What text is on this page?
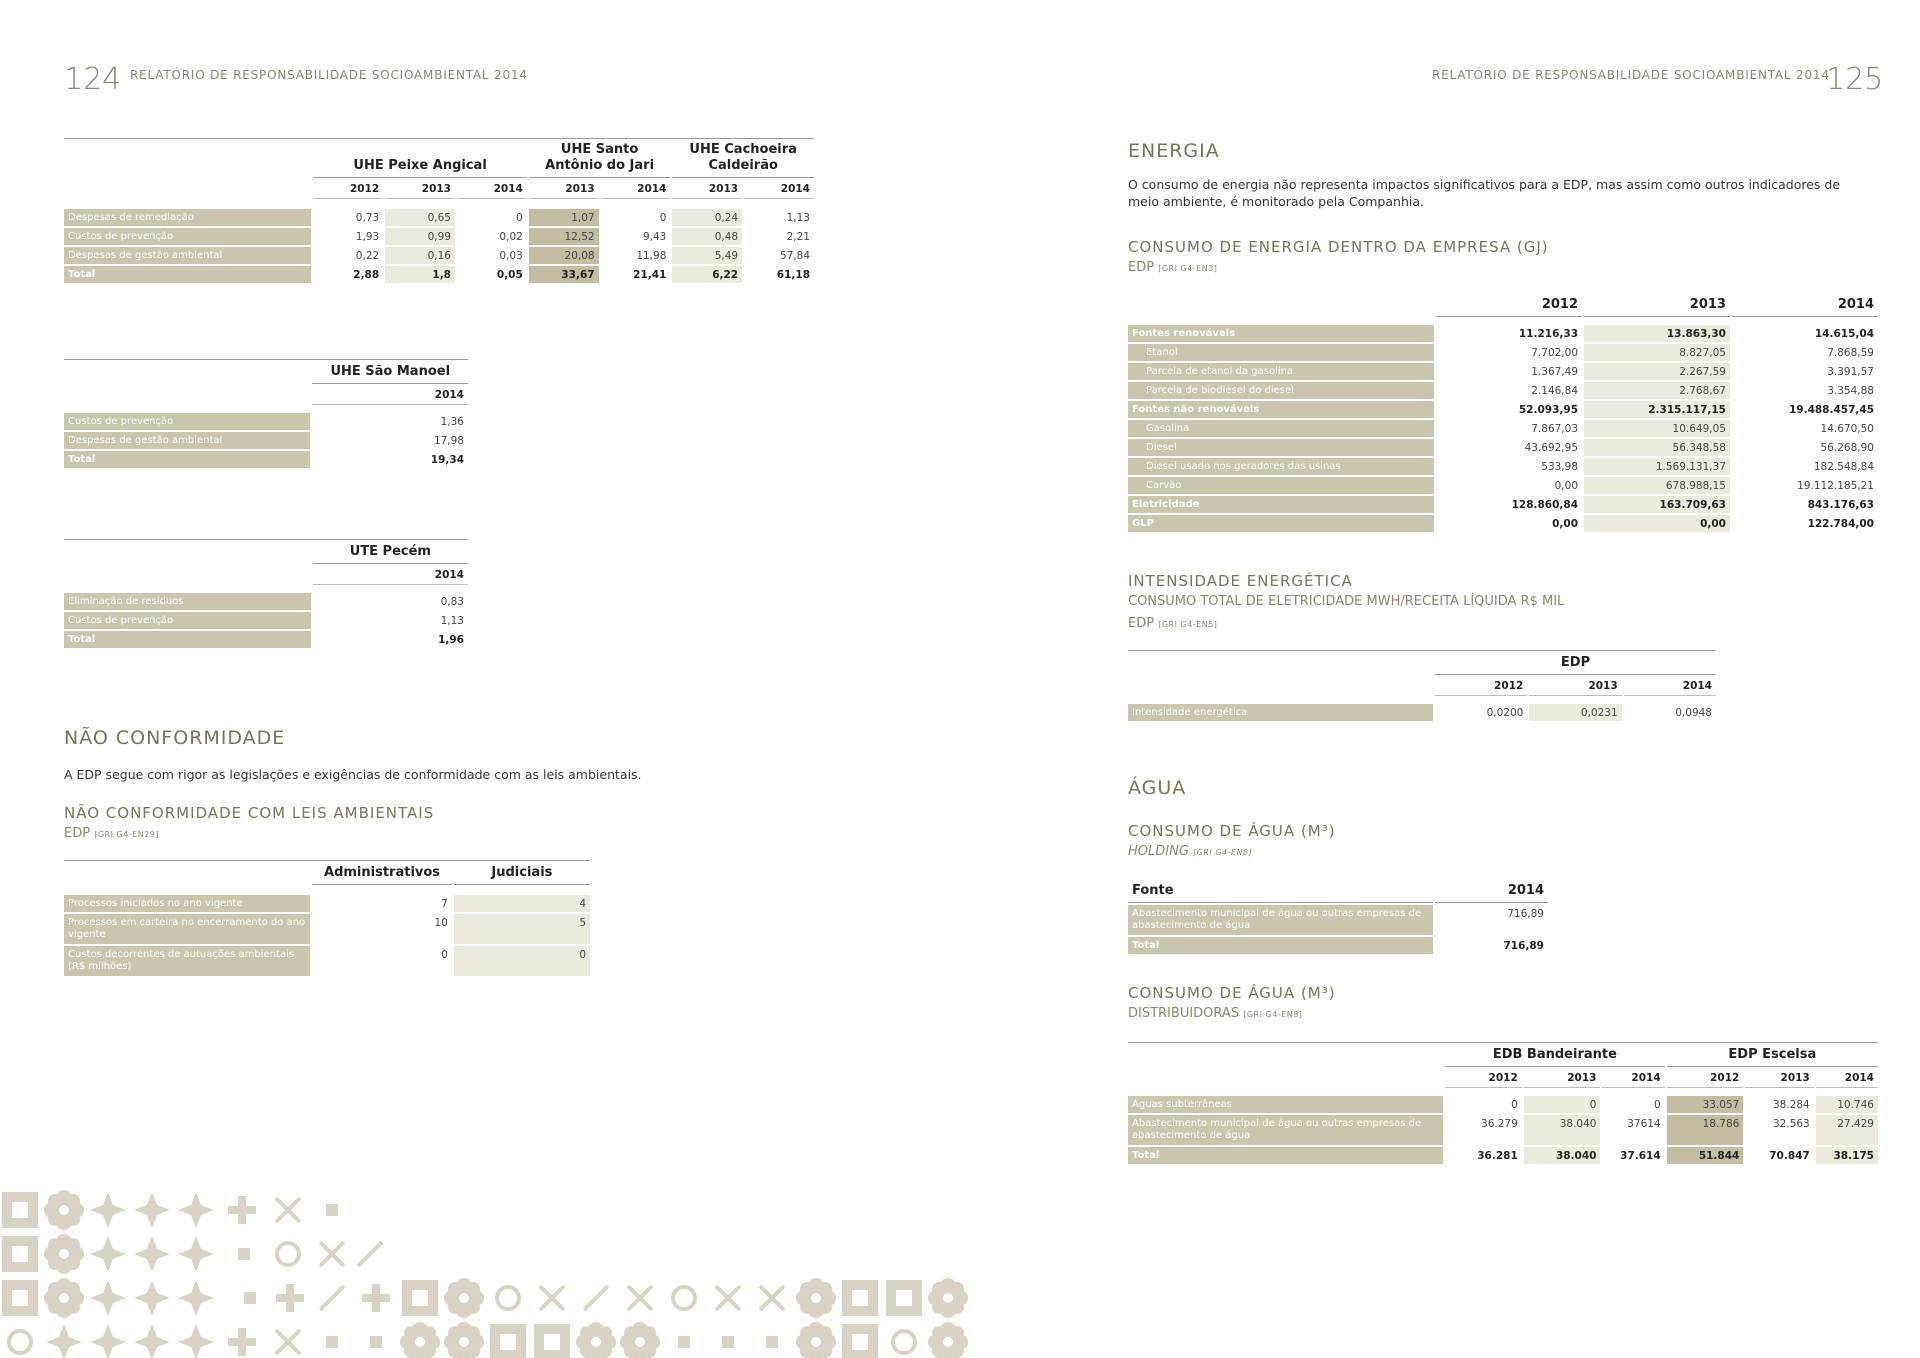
124 RELATÓRIO DE RESPONSABILIDADE SOCIOAMBIENTAL 2014
	UHE Peixe Angical			UHE Santo Antônio do Jari		UHE Cachoeira Caldeirão	
	2012	2013	2014	2013	2014	2013	2014

Despesas de remediação	0,73	0,65	0	1,07	0	0,24	1,13
Custos de prevenção	1,93	0,99	0,02	12,52	9,43	0,48	2,21
Despesas de gestão ambiental	0,22	0,16	0,03	20,08	11,98	5,49	57,84
Total	2,88	1,8	0,05	33,67	21,41	6,22	61,18
	UHE São Manoel
	2014

Custos de prevenção	1,36
Despesas de gestão ambiental	17,98
Total	19,34
	UTE Pecém
	2014

Eliminação de resíduos	0,83
Custos de prevenção	1,13
Total	1,96
NÃO CONFORMIDADE
A EDP segue com rigor as legislações e exigências de conformidade com as leis ambientais.
NÃO CONFORMIDADE COM LEIS AMBIENTAIS
EDP [GRI G4-EN29]
	Administrativos	Judiciais

Processos iniciados no ano vigente	7	4
Processos em carteira no encerramento do ano vigente	10	5
Custos decorrentes de autuações ambientais (R$ milhões)	0	0
RELATÓRIO DE RESPONSABILIDADE SOCIOAMBIENTAL 2014
125
ENERGIA
O consumo de energia não representa impactos significativos para a EDP, mas assim como outros indicadores de meio ambiente, é monitorado pela Companhia.
CONSUMO DE ENERGIA DENTRO DA EMPRESA (GJ)
EDP [GRI G4-EN3]
	2012	2013	2014

Fontes renováveis	11.216,33	13.863,30	14.615,04
Etanol	7.702,00	8.827,05	7.868,59
Parcela de etanol da gasolina	1.367,49	2.267,59	3.391,57
Parcela de biodiesel do diesel	2.146,84	2.768,67	3.354,88
Fontes não renováveis	52.093,95	2.315.117,15	19.488.457,45
Gasolina	7.867,03	10.649,05	14.670,50
Diesel	43.692,95	56.348,58	56.268,90
Diesel usado nos geradores das usinas	533,98	1.569.131,37	182.548,84
Carvão	0,00	678.988,15	19.112.185,21
Eletricidade	128.860,84	163.709,63	843.176,63
GLP	0,00	0,00	122.784,00
INTENSIDADE ENERGÉTICA
CONSUMO TOTAL DE ELETRICIDADE MWH/RECEITA LÍQUIDA R$ MIL
EDP [GRI G4-EN5]
	EDP		
	2012	2013	2014

Intensidade energética	0,0200	0,0231	0,0948
ÁGUA
CONSUMO DE ÁGUA (M³)
HOLDING [GRI G4-EN8]
Fonte	2014
Abastecimento municipal de água ou outras empresas de abastecimento de água	716,89
Total	716,89
CONSUMO DE ÁGUA (M³)
DISTRIBUIDORAS [GRI G4-EN8]
	EDB Bandeirante			EDP Escelsa		
	2012	2013	2014	2012	2013	2014

Águas subterrâneas	0	0	0	33.057	38.284	10.746
Abastecimento municipal de água ou outras empresas de abastecimento de água	36.279	38.040	37614	18.786	32.563	27.429
Total	36.281	38.040	37.614	51.844	70.847	38.175
